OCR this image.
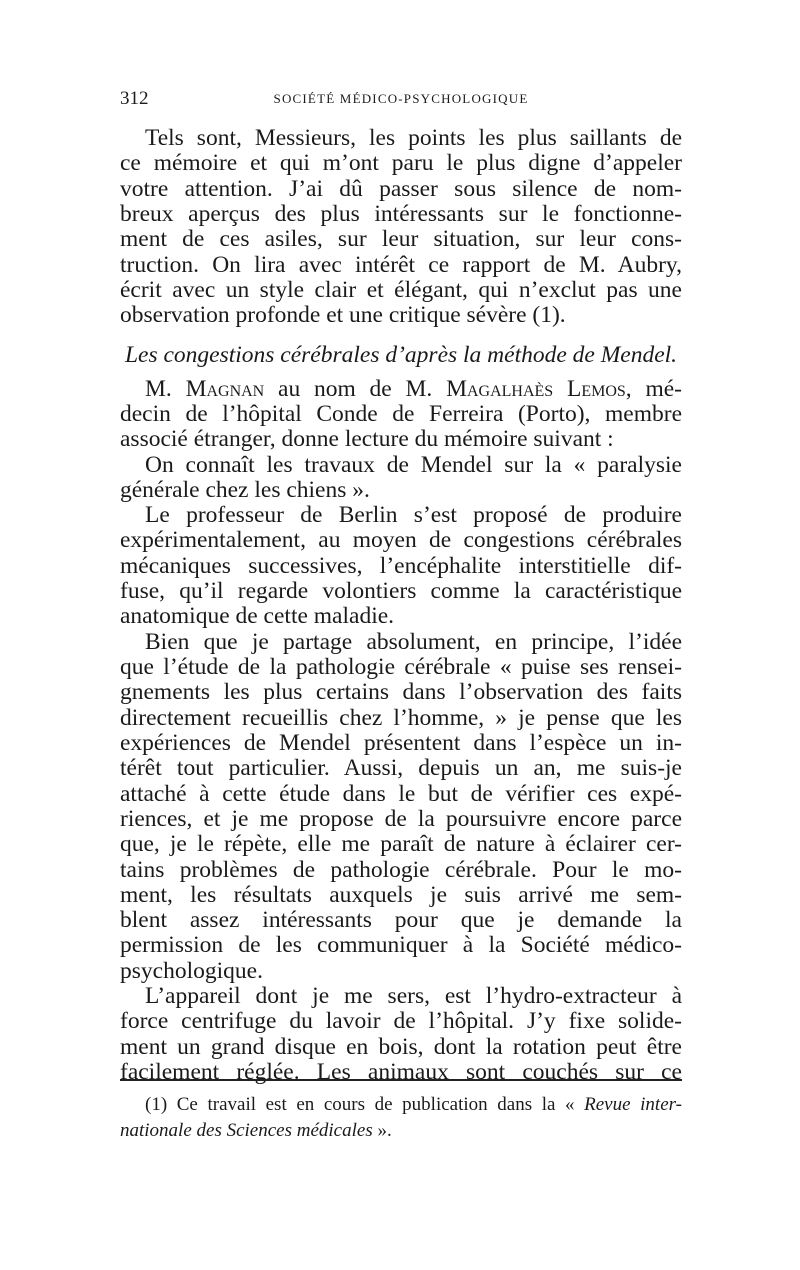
312	SOCIÉTÉ MÉDICO-PSYCHOLOGIQUE
Tels sont, Messieurs, les points les plus saillants de
ce mémoire et qui m’ont paru le plus digne d’appeler
votre attention. J’ai dû passer sous silence de nom-
breux aperçus des plus intéressants sur le fonctionne-
ment de ces asiles, sur leur situation, sur leur cons-
truction. On lira avec intérêt ce rapport de M. Aubry,
écrit avec un style clair et élégant, qui n’exclut pas une
observation profonde et une critique sévère (1).
Les congestions cérébrales d’après la méthode de Mendel.
M. Magnan au nom de M. Magalhaès Lemos, mé-
decin de l’hôpital Conde de Ferreira (Porto), membre
associé étranger, donne lecture du mémoire suivant :
On connaît les travaux de Mendel sur la « paralysie
générale chez les chiens ».
Le professeur de Berlin s’est proposé de produire
expérimentalement, au moyen de congestions cérébrales
mécaniques successives, l’encéphalite interstitielle dif-
fuse, qu’il regarde volontiers comme la caractéristique
anatomique de cette maladie.
Bien que je partage absolument, en principe, l’idée
que l’étude de la pathologie cérébrale « puise ses rensei-
gnements les plus certains dans l’observation des faits
directement recueillis chez l’homme, » je pense que les
expériences de Mendel présentent dans l’espèce un in-
térêt tout particulier. Aussi, depuis un an, me suis-je
attaché à cette étude dans le but de vérifier ces expé-
riences, et je me propose de la poursuivre encore parce
que, je le répète, elle me paraît de nature à éclairer cer-
tains problèmes de pathologie cérébrale. Pour le mo-
ment, les résultats auxquels je suis arrivé me sem-
blent assez intéressants pour que je demande la
permission de les communiquer à la Société médico-
psychologique.
L’appareil dont je me sers, est l’hydro-extracteur à
force centrifuge du lavoir de l’hôpital. J’y fixe solide-
ment un grand disque en bois, dont la rotation peut être
facilement réglée. Les animaux sont couchés sur ce
(1) Ce travail est en cours de publication dans la « Revue inter-
nationale des Sciences médicales ».
